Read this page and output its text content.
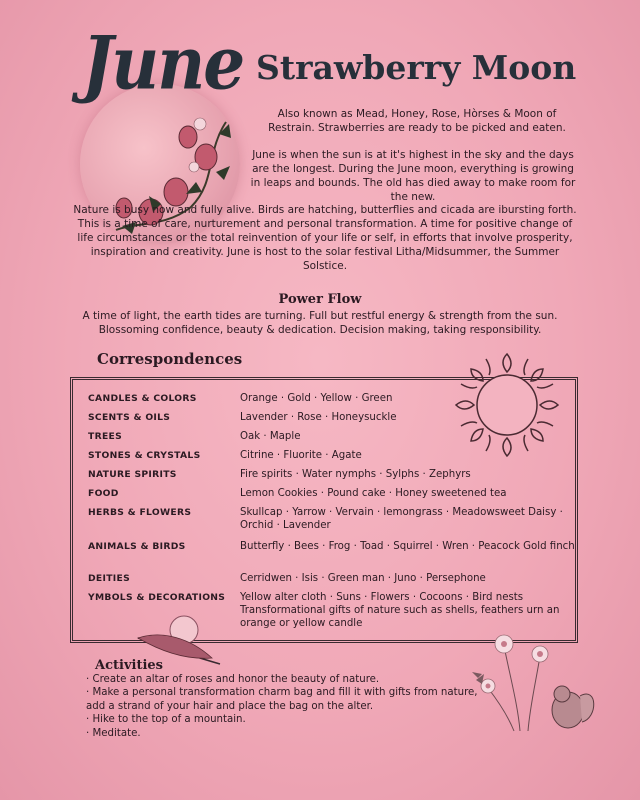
June Strawberry Moon
Also known as Mead, Honey, Rose, Hòrses & Moon of Restrain. Strawberries are ready to be picked and eaten.
June is when the sun is at it's highest in the sky and the days are the longest. During the June moon, everything is growing in leaps and bounds. The old has died away to make room for the new.
Nature is busy now and fully alive. Birds are hatching, butterflies and cicada are ibursting forth. This is a time of care, nurturement and personal transformation. A time for positive change of life circumstances or the total reinvention of your life or self, in efforts that involve prosperity, inspiration and creativity. June is host to the solar festival Litha/Midsummer, the Summer Solstice.
Power Flow
A time of light, the earth tides are turning. Full but restful energy & strength from the sun. Blossoming confidence, beauty & dedication. Decision making, taking responsibility.
Correspondences
CANDLES & COLORS	Orange · Gold · Yellow · Green
SCENTS & OILS	Lavender · Rose · Honeysuckle
TREES	Oak · Maple
STONES & CRYSTALS	Citrine · Fluorite · Agate
NATURE SPIRITS	Fire spirits · Water nymphs · Sylphs · Zephyrs
FOOD	Lemon Cookies · Pound cake · Honey sweetened tea
HERBS & FLOWERS	Skullcap · Yarrow · Vervain · lemongrass · Meadowsweet Daisy · Orchid · Lavender
ANIMALS & BIRDS	Butterfly · Bees · Frog · Toad · Squirrel · Wren · Peacock Gold finch
DEITIES	Cerridwen · Isis · Green man · Juno · Persephone
YMBOLS & DECORATIONS	Yellow alter cloth · Suns · Flowers · Cocoons · Bird nests Transformational gifts of nature such as shells, feathers urn an orange or yellow candle
Activities
· Create an altar of roses and honor the beauty of nature.
· Make a personal transformation charm bag and fill it with gifts from nature, add a strand of your hair and place the bag on the alter.
· Hike to the top of a mountain.
· Meditate.
